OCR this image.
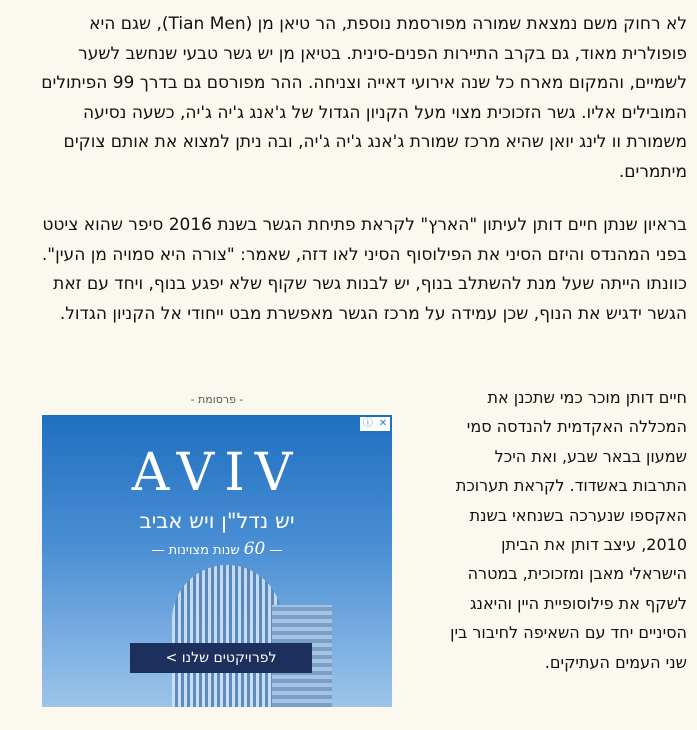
לא רחוק משם נמצאת שמורה מפורסמת נוספת, הר טיאן מן (Tian Men), שגם היא פופולרית מאוד, גם בקרב התיירות הפנים-סינית. בטיאן מן יש גשר טבעי שנחשב לשער לשמיים, והמקום מארח כל שנה אירועי דאייה וצניחה. ההר מפורסם גם בדרך 99 הפיתולים המובילים אליו. גשר הזכוכית מצוי מעל הקניון הגדול של ג'אנג ג'יה ג'יה, כשעה נסיעה משמורת וו לינג יואן שהיא מרכז שמורת ג'אנג ג'יה ג'יה, ובה ניתן למצוא את אותם צוקים מיתמרים.

בראיון שנתן חיים דותן לעיתון "הארץ" לקראת פתיחת הגשר בשנת 2016 סיפר שהוא ציטט בפני המהנדס והיזם הסיני את הפילוסוף הסיני לאו דזה, שאמר: "צורה היא סמויה מן העין". כוונתו הייתה שעל מנת להשתלב בנוף, יש לבנות גשר שקוף שלא יפגע בנוף, ויחד עם זאת הגשר ידגיש את הנוף, שכן עמידה על מרכז הגשר מאפשרת מבט ייחודי אל הקניון הגדול.

חיים דותן מוכר כמי שתכנן את המכללה האקדמית להנדסה סמי שמעון בבאר שבע, ואת היכל התרבות באשדוד. לקראת תערוכת האקספו שנערכה בשנחאי בשנת 2010, עיצב דותן את הביתן הישראלי מאבן ומזכוכית, במטרה לשקף את פילוסופיית היין והיאנג הסיניים יחד עם השאיפה לחיבור בין שני העמים העתיקים.

- פרסומת -
ⓘ ✕
AVIV
יש נדל"ן ויש אביב
— 60 שנות מצוינות —
לפרויקטים שלנו >
